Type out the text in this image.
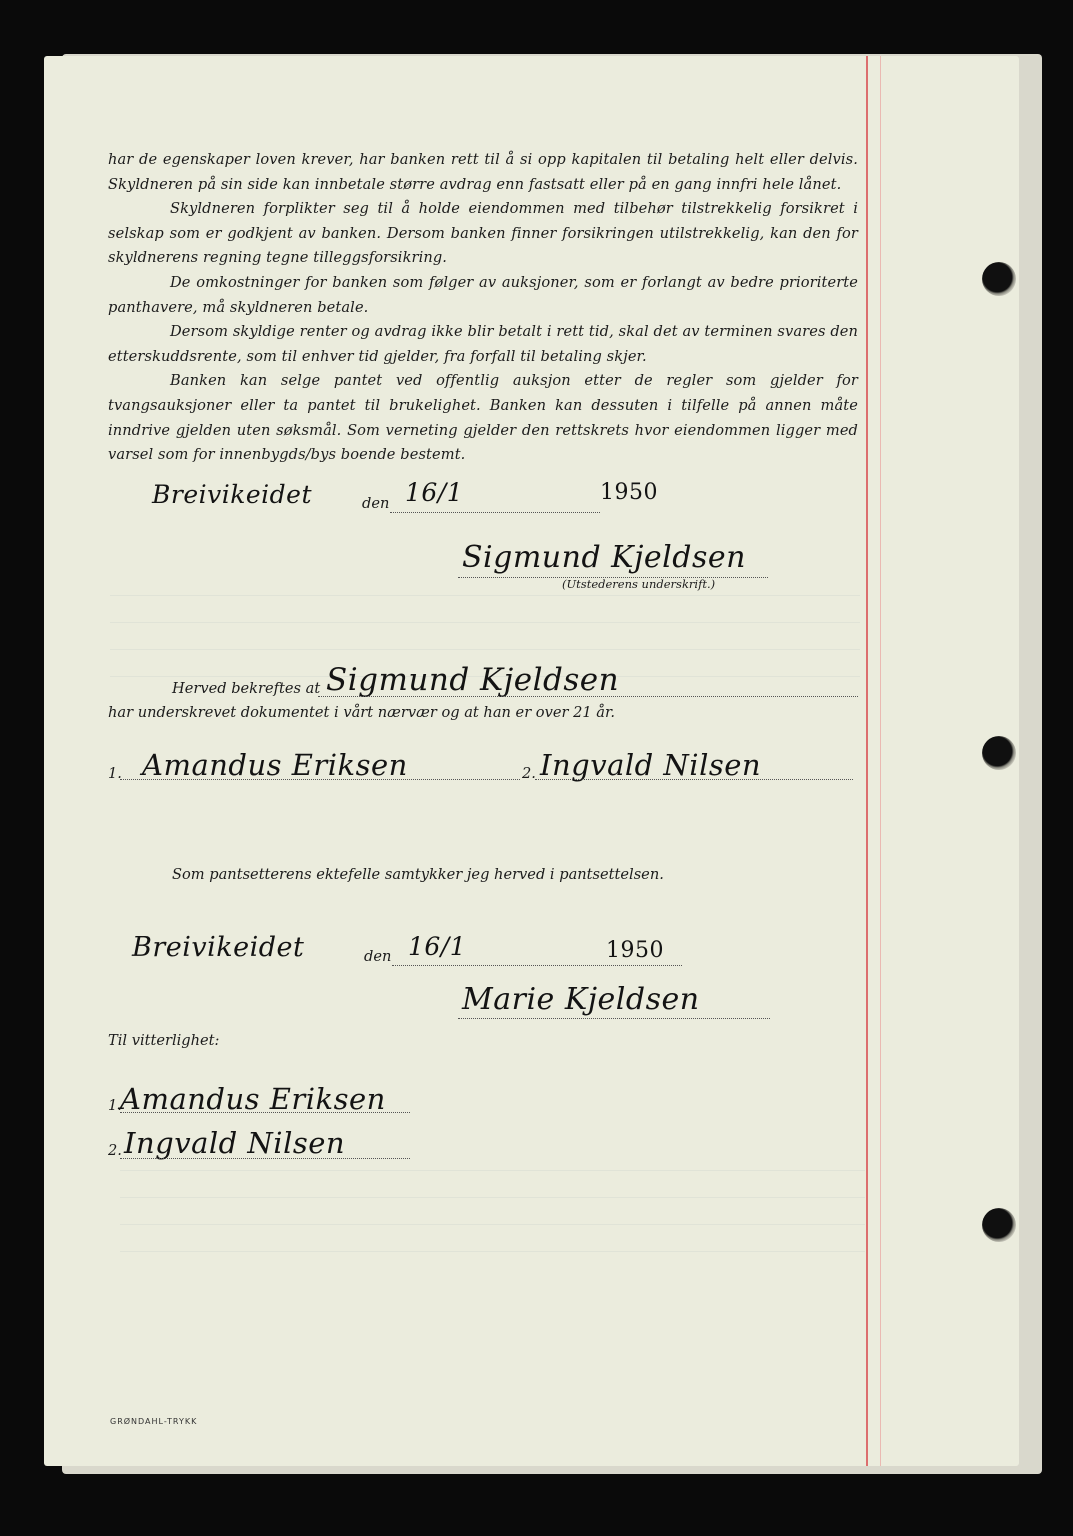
har de egenskaper loven krever, har banken rett til å si opp kapitalen til betaling helt eller delvis. Skyldneren på sin side kan innbetale større avdrag enn fastsatt eller på en gang innfri hele lånet.

Skyldneren forplikter seg til å holde eiendommen med tilbehør tilstrekkelig forsikret i selskap som er godkjent av banken. Dersom banken finner forsikringen utilstrekkelig, kan den for skyldnerens regning tegne tilleggsforsikring.

De omkostninger for banken som følger av auksjoner, som er forlangt av bedre prioriterte panthavere, må skyldneren betale.

Dersom skyldige renter og avdrag ikke blir betalt i rett tid, skal det av terminen svares den etterskuddsrente, som til enhver tid gjelder, fra forfall til betaling skjer.

Banken kan selge pantet ved offentlig auksjon etter de regler som gjelder for tvangsauksjoner eller ta pantet til brukelighet. Banken kan dessuten i tilfelle på annen måte inndrive gjelden uten søksmål. Som verneting gjelder den rettskrets hvor eiendommen ligger med varsel som for innenbygds/bys boende bestemt.

Breivikeidet	den 16/1	1950
Sigmund Kjeldsen
(Utstederens underskrift.)
Herved bekreftes at Sigmund Kjeldsen
har underskrevet dokumentet i vårt nærvær og at han er over 21 år.
1. Amandus Eriksen	2. Ingvald Nilsen
Som pantsetterens ektefelle samtykker jeg herved i pantsettelsen.
Breivikeidet	den 16/1	1950
Marie Kjeldsen
Til vitterlighet:
1.
Amandus Eriksen
2. Ingvald Nilsen
GRØNDAHL-TRYKK
